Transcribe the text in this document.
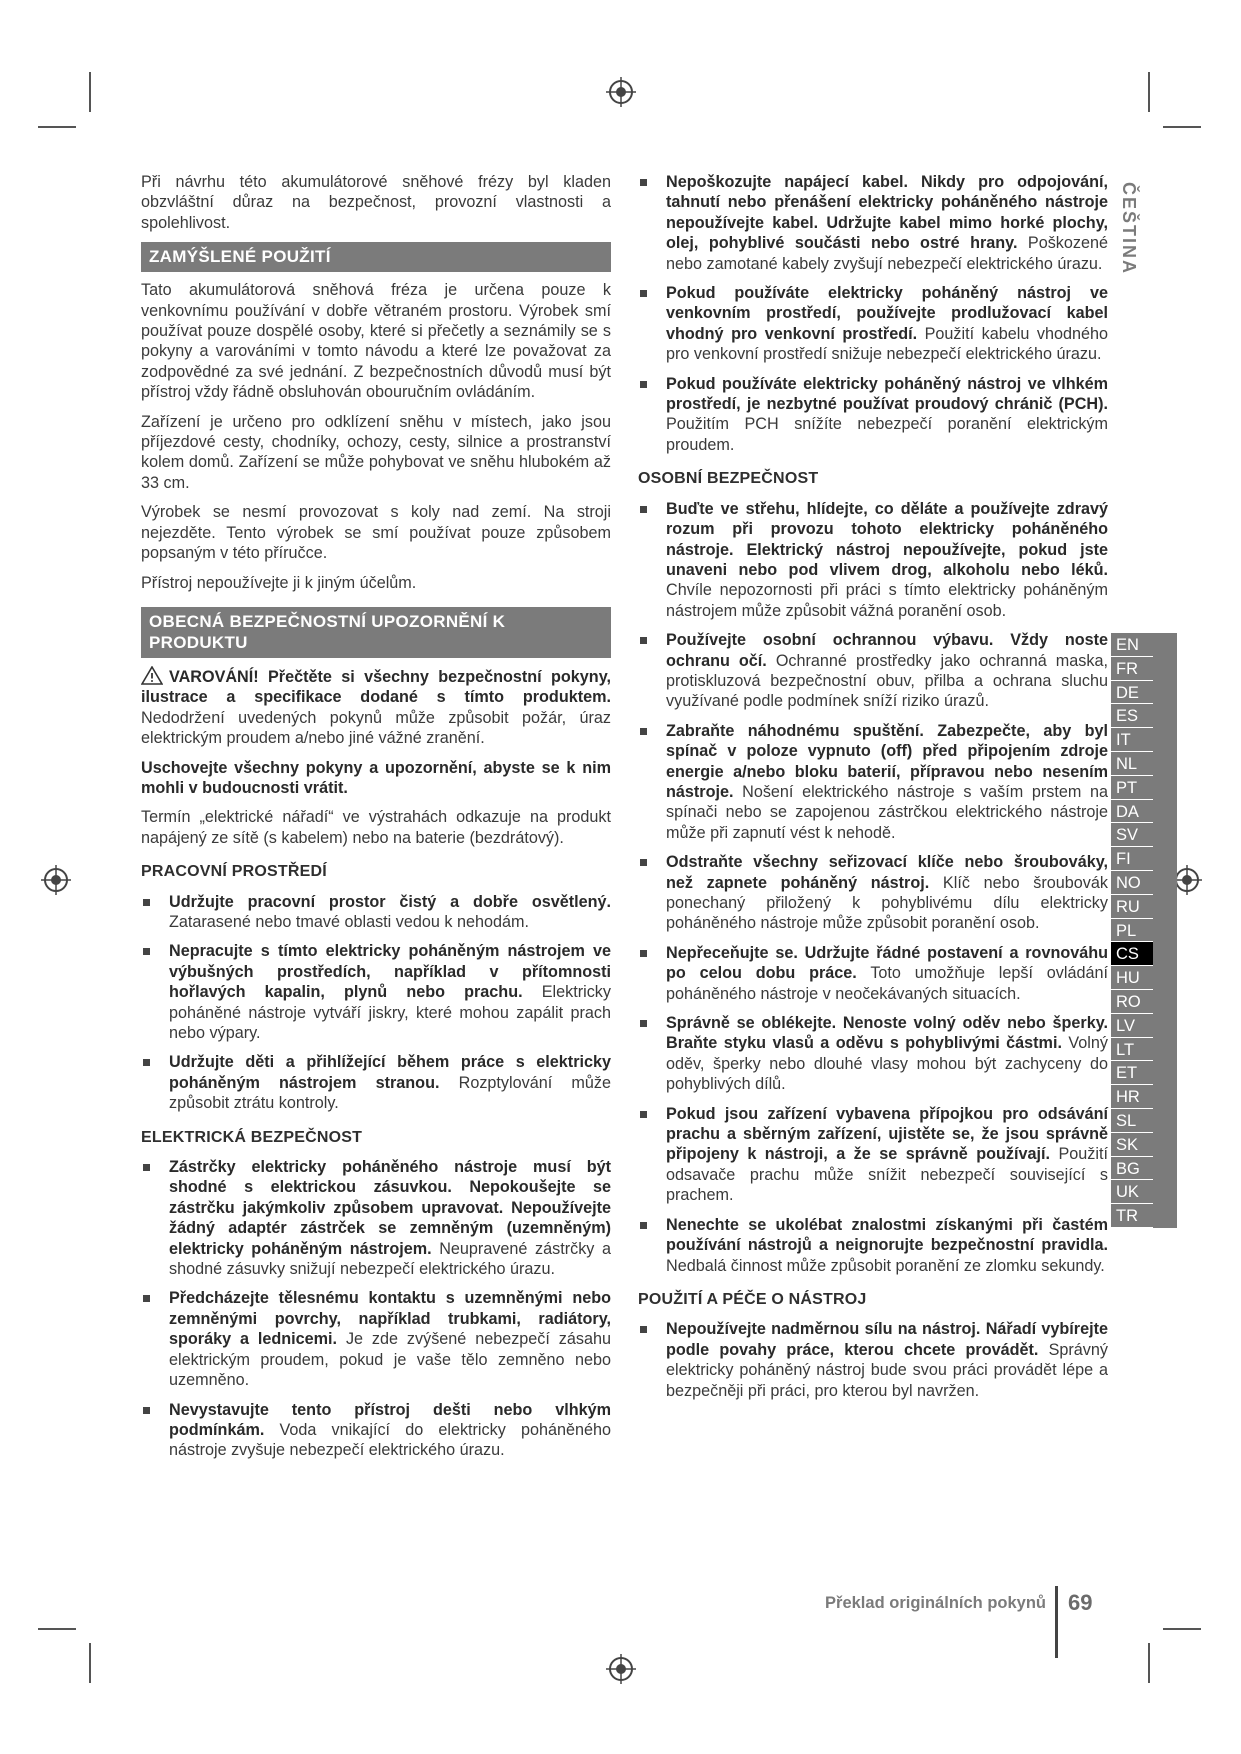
Při návrhu této akumulátorové sněhové frézy byl kladen obzvláštní důraz na bezpečnost, provozní vlastnosti a spolehlivost.

ZAMÝŠLENÉ POUŽITÍ

Tato akumulátorová sněhová fréza je určena pouze k venkovnímu používání v dobře větraném prostoru. Výrobek smí používat pouze dospělé osoby, které si přečetly a seznámily se s pokyny a varováními v tomto návodu a které lze považovat za zodpovědné za své jednání. Z bezpečnostních důvodů musí být přístroj vždy řádně obsluhován obouručním ovládáním.

Zařízení je určeno pro odklízení sněhu v místech, jako jsou příjezdové cesty, chodníky, ochozy, cesty, silnice a prostranství kolem domů. Zařízení se může pohybovat ve sněhu hlubokém až 33 cm.

Výrobek se nesmí provozovat s koly nad zemí. Na stroji nejezděte. Tento výrobek se smí používat pouze způsobem popsaným v této příručce.

Přístroj nepoužívejte ji k jiným účelům.

OBECNÁ BEZPEČNOSTNÍ UPOZORNĚNÍ K PRODUKTU

VAROVÁNÍ! Přečtěte si všechny bezpečnostní pokyny, ilustrace a specifikace dodané s tímto produktem. Nedodržení uvedených pokynů může způsobit požár, úraz elektrickým proudem a/nebo jiné vážné zranění.

Uschovejte všechny pokyny a upozornění, abyste se k nim mohli v budoucnosti vrátit.

Termín „elektrické nářadí“ ve výstrahách odkazuje na produkt napájený ze sítě (s kabelem) nebo na baterie (bezdrátový).

PRACOVNÍ PROSTŘEDÍ
Udržujte pracovní prostor čistý a dobře osvětlený. Zatarasené nebo tmavé oblasti vedou k nehodám.
Nepracujte s tímto elektricky poháněným nástrojem ve výbušných prostředích, například v přítomnosti hořlavých kapalin, plynů nebo prachu. Elektricky poháněné nástroje vytváří jiskry, které mohou zapálit prach nebo výpary.
Udržujte děti a přihlížející během práce s elektricky poháněným nástrojem stranou. Rozptylování může způsobit ztrátu kontroly.
ELEKTRICKÁ BEZPEČNOST
Zástrčky elektricky poháněného nástroje musí být shodné s elektrickou zásuvkou. Nepokoušejte se zástrčku jakýmkoliv způsobem upravovat. Nepoužívejte žádný adaptér zástrček se zemněným (uzemněným) elektricky poháněným nástrojem. Neupravené zástrčky a shodné zásuvky snižují nebezpečí elektrického úrazu.
Předcházejte tělesnému kontaktu s uzemněnými nebo zemněnými povrchy, například trubkami, radiátory, sporáky a lednicemi. Je zde zvýšené nebezpečí zásahu elektrickým proudem, pokud je vaše tělo zemněno nebo uzemněno.
Nevystavujte tento přístroj dešti nebo vlhkým podmínkám. Voda vnikající do elektricky poháněného nástroje zvyšuje nebezpečí elektrického úrazu.
Nepoškozujte napájecí kabel. Nikdy pro odpojování, tahnutí nebo přenášení elektricky poháněného nástroje nepoužívejte kabel. Udržujte kabel mimo horké plochy, olej, pohyblivé součásti nebo ostré hrany. Poškozené nebo zamotané kabely zvyšují nebezpečí elektrického úrazu.
Pokud používáte elektricky poháněný nástroj ve venkovním prostředí, používejte prodlužovací kabel vhodný pro venkovní prostředí. Použití kabelu vhodného pro venkovní prostředí snižuje nebezpečí elektrického úrazu.
Pokud používáte elektricky poháněný nástroj ve vlhkém prostředí, je nezbytné používat proudový chránič (PCH). Použitím PCH snížíte nebezpečí poranění elektrickým proudem.
OSOBNÍ BEZPEČNOST
Buďte ve střehu, hlídejte, co děláte a používejte zdravý rozum při provozu tohoto elektricky poháněného nástroje. Elektrický nástroj nepoužívejte, pokud jste unaveni nebo pod vlivem drog, alkoholu nebo léků. Chvíle nepozornosti při práci s tímto elektricky poháněným nástrojem může způsobit vážná poranění osob.
Používejte osobní ochrannou výbavu. Vždy noste ochranu očí. Ochranné prostředky jako ochranná maska, protiskluzová bezpečnostní obuv, přilba a ochrana sluchu využívané podle podmínek sníží riziko úrazů.
Zabraňte náhodnému spuštění. Zabezpečte, aby byl spínač v poloze vypnuto (off) před připojením zdroje energie a/nebo bloku baterií, přípravou nebo nesením nástroje. Nošení elektrického nástroje s vaším prstem na spínači nebo se zapojenou zástrčkou elektrického nástroje může při zapnutí vést k nehodě.
Odstraňte všechny seřizovací klíče nebo šroubováky, než zapnete poháněný nástroj. Klíč nebo šroubovák ponechaný přiložený k pohyblivému dílu elektricky poháněného nástroje může způsobit poranění osob.
Nepřeceňujte se. Udržujte řádné postavení a rovnováhu po celou dobu práce. Toto umožňuje lepší ovládání poháněného nástroje v neočekávaných situacích.
Správně se oblékejte. Nenoste volný oděv nebo šperky. Braňte styku vlasů a oděvu s pohyblivými částmi. Volný oděv, šperky nebo dlouhé vlasy mohou být zachyceny do pohyblivých dílů.
Pokud jsou zařízení vybavena přípojkou pro odsávání prachu a sběrným zařízení, ujistěte se, že jsou správně připojeny k nástroji, a že se správně používají. Použití odsavače prachu může snížit nebezpečí související s prachem.
Nenechte se ukolébat znalostmi získanými při častém používání nástrojů a neignorujte bezpečnostní pravidla. Nedbalá činnost může způsobit poranění ze zlomku sekundy.
POUŽITÍ A PÉČE O NÁSTROJ
Nepoužívejte nadměrnou sílu na nástroj. Nářadí vybírejte podle povahy práce, kterou chcete provádět. Správný elektricky poháněný nástroj bude svou práci provádět lépe a bezpečněji při práci, pro kterou byl navržen.
ČEŠTINA
EN
FR
DE
ES
IT
NL
PT
DA
SV
FI
NO
RU
PL
CS
HU
RO
LV
LT
ET
HR
SL
SK
BG
UK
TR
Překlad originálních pokynů 69
